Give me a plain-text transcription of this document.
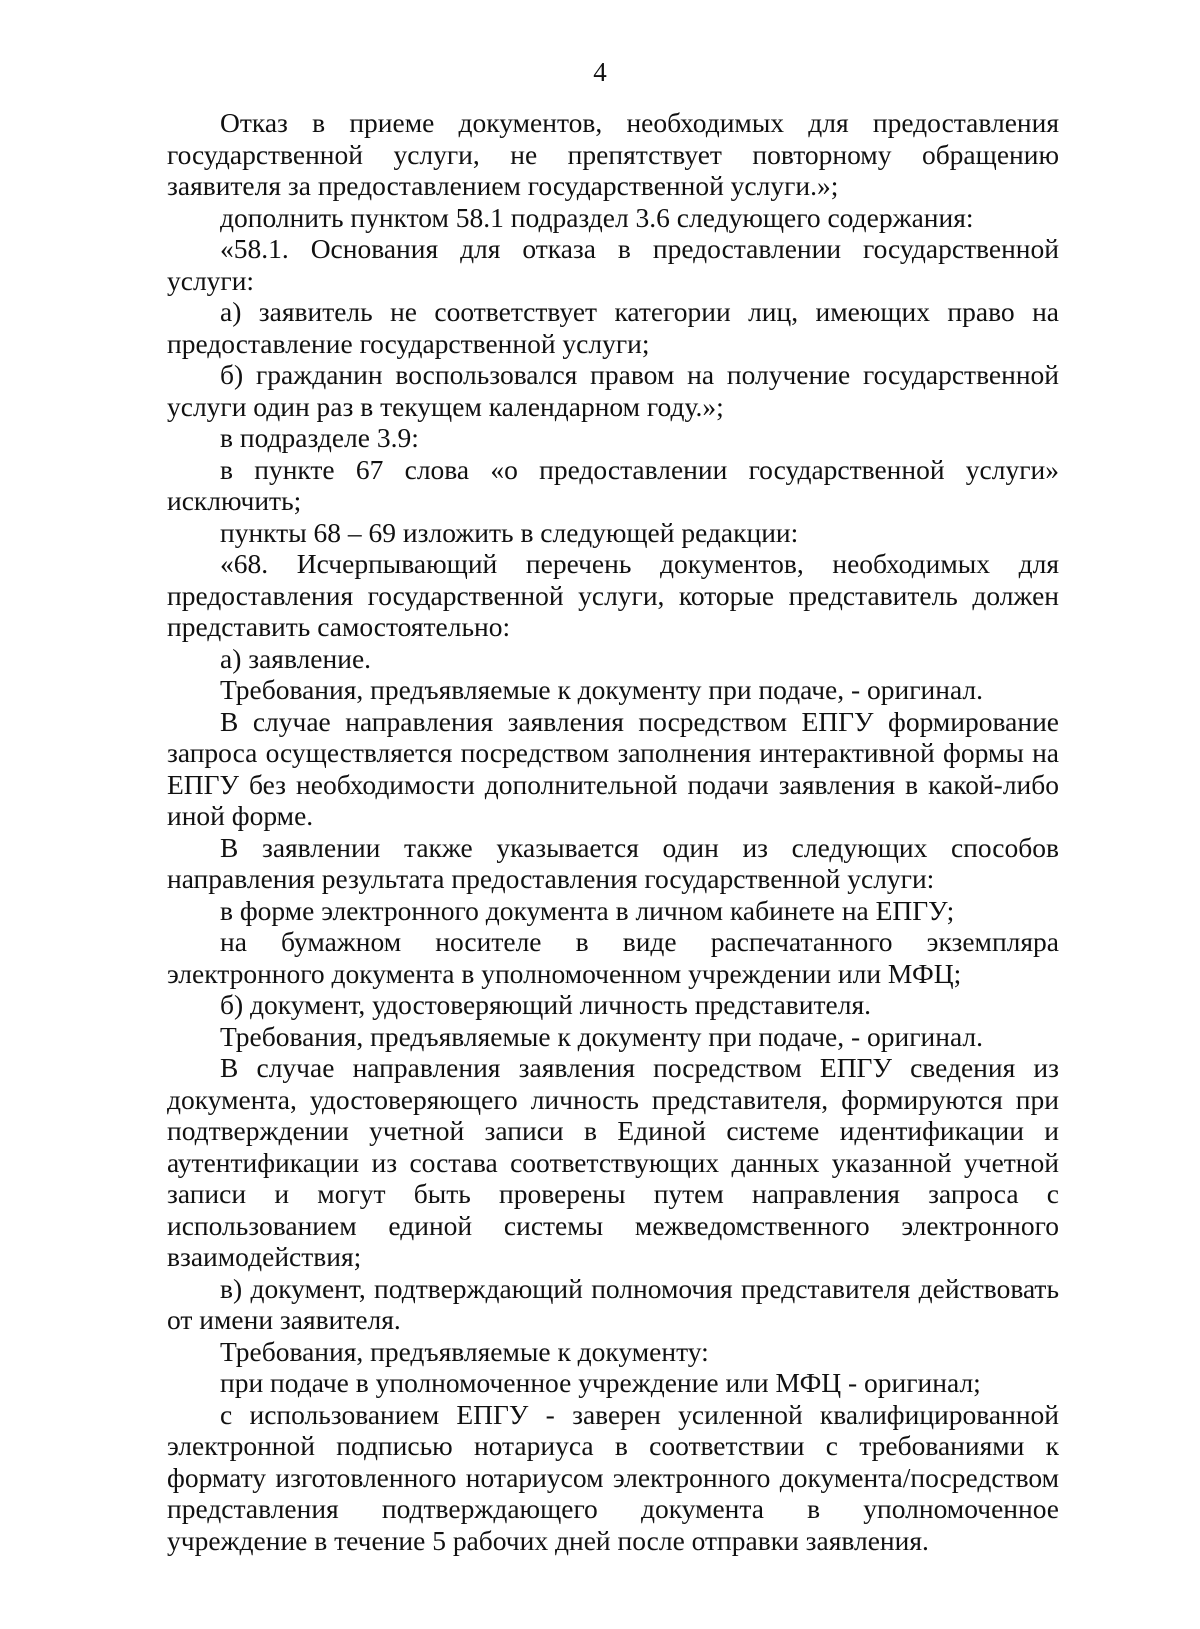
4

Отказ в приеме документов, необходимых для предоставления государственной услуги, не препятствует повторному обращению заявителя за предоставлением государственной услуги.»;

дополнить пунктом 58.1 подраздел 3.6 следующего содержания:

«58.1. Основания для отказа в предоставлении государственной услуги:

а) заявитель не соответствует категории лиц, имеющих право на предоставление государственной услуги;

б) гражданин воспользовался правом на получение государственной услуги один раз в текущем календарном году.»;

в подразделе 3.9:

в пункте 67 слова «о предоставлении государственной услуги» исключить;

пункты 68 – 69 изложить в следующей редакции:

«68. Исчерпывающий перечень документов, необходимых для предоставления государственной услуги, которые представитель должен представить самостоятельно:

а) заявление.

Требования, предъявляемые к документу при подаче, - оригинал.

В случае направления заявления посредством ЕПГУ формирование запроса осуществляется посредством заполнения интерактивной формы на ЕПГУ без необходимости дополнительной подачи заявления в какой-либо иной форме.

В заявлении также указывается один из следующих способов направления результата предоставления государственной услуги:

в форме электронного документа в личном кабинете на ЕПГУ;

на бумажном носителе в виде распечатанного экземпляра электронного документа в уполномоченном учреждении или МФЦ;

б) документ, удостоверяющий личность представителя.

Требования, предъявляемые к документу при подаче, - оригинал.

В случае направления заявления посредством ЕПГУ сведения из документа, удостоверяющего личность представителя, формируются при подтверждении учетной записи в Единой системе идентификации и аутентификации из состава соответствующих данных указанной учетной записи и могут быть проверены путем направления запроса с использованием единой системы межведомственного электронного взаимодействия;

в) документ, подтверждающий полномочия представителя действовать от имени заявителя.

Требования, предъявляемые к документу:

при подаче в уполномоченное учреждение или МФЦ - оригинал;

с использованием ЕПГУ - заверен усиленной квалифицированной электронной подписью нотариуса в соответствии с требованиями к формату изготовленного нотариусом электронного документа/посредством представления подтверждающего документа в уполномоченное учреждение в течение 5 рабочих дней после отправки заявления.
